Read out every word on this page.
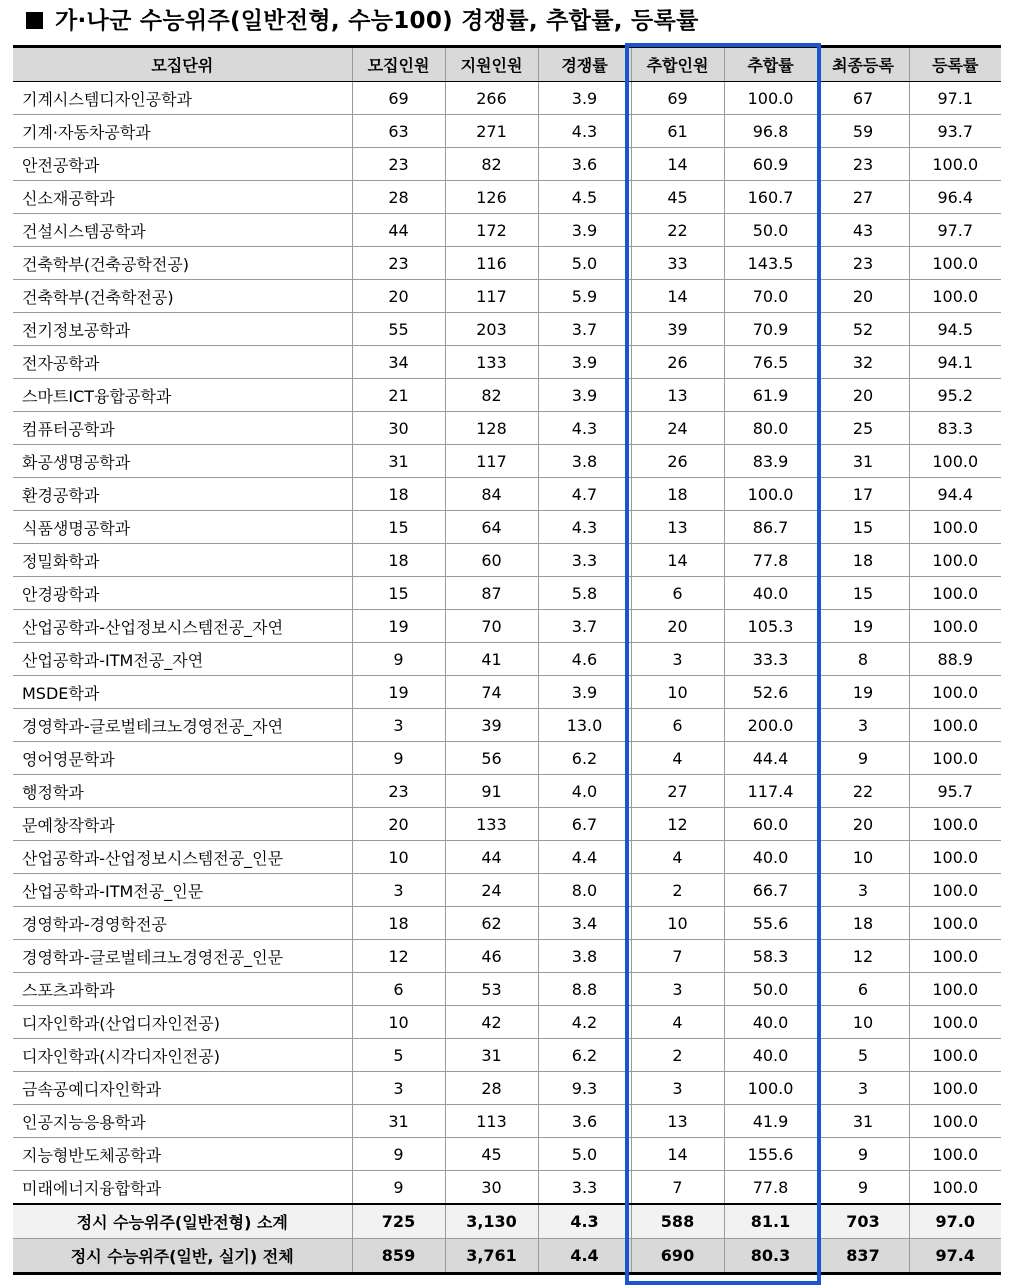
가·나군 수능위주(일반전형, 수능100) 경쟁률, 추합률, 등록률
모집단위	모집인원	지원인원	경쟁률	추합인원	추합률	최종등록	등록률
기계시스템디자인공학과	69	266	3.9	69	100.0	67	97.1
기계·자동차공학과	63	271	4.3	61	96.8	59	93.7
안전공학과	23	82	3.6	14	60.9	23	100.0
신소재공학과	28	126	4.5	45	160.7	27	96.4
건설시스템공학과	44	172	3.9	22	50.0	43	97.7
건축학부(건축공학전공)	23	116	5.0	33	143.5	23	100.0
건축학부(건축학전공)	20	117	5.9	14	70.0	20	100.0
전기정보공학과	55	203	3.7	39	70.9	52	94.5
전자공학과	34	133	3.9	26	76.5	32	94.1
스마트ICT융합공학과	21	82	3.9	13	61.9	20	95.2
컴퓨터공학과	30	128	4.3	24	80.0	25	83.3
화공생명공학과	31	117	3.8	26	83.9	31	100.0
환경공학과	18	84	4.7	18	100.0	17	94.4
식품생명공학과	15	64	4.3	13	86.7	15	100.0
정밀화학과	18	60	3.3	14	77.8	18	100.0
안경광학과	15	87	5.8	6	40.0	15	100.0
산업공학과-산업정보시스템전공_자연	19	70	3.7	20	105.3	19	100.0
산업공학과-ITM전공_자연	9	41	4.6	3	33.3	8	88.9
MSDE학과	19	74	3.9	10	52.6	19	100.0
경영학과-글로벌테크노경영전공_자연	3	39	13.0	6	200.0	3	100.0
영어영문학과	9	56	6.2	4	44.4	9	100.0
행정학과	23	91	4.0	27	117.4	22	95.7
문예창작학과	20	133	6.7	12	60.0	20	100.0
산업공학과-산업정보시스템전공_인문	10	44	4.4	4	40.0	10	100.0
산업공학과-ITM전공_인문	3	24	8.0	2	66.7	3	100.0
경영학과-경영학전공	18	62	3.4	10	55.6	18	100.0
경영학과-글로벌테크노경영전공_인문	12	46	3.8	7	58.3	12	100.0
스포츠과학과	6	53	8.8	3	50.0	6	100.0
디자인학과(산업디자인전공)	10	42	4.2	4	40.0	10	100.0
디자인학과(시각디자인전공)	5	31	6.2	2	40.0	5	100.0
금속공예디자인학과	3	28	9.3	3	100.0	3	100.0
인공지능응용학과	31	113	3.6	13	41.9	31	100.0
지능형반도체공학과	9	45	5.0	14	155.6	9	100.0
미래에너지융합학과	9	30	3.3	7	77.8	9	100.0
정시 수능위주(일반전형) 소계	725	3,130	4.3	588	81.1	703	97.0
정시 수능위주(일반, 실기) 전체	859	3,761	4.4	690	80.3	837	97.4
